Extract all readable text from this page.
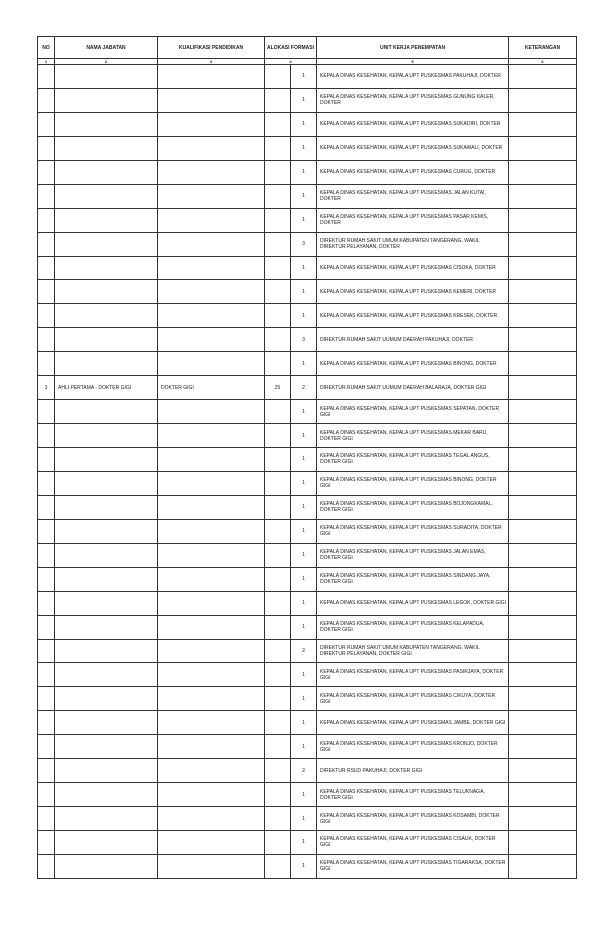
NO	NAMA JABATAN	KUALIFIKASI PENDIDIKAN	ALOKASI FORMASI		UNIT KERJA PENEMPATAN	KETERANGAN
1	2	3	4		5	6
				1	KEPALA DINAS KESEHATAN, KEPALA UPT PUSKESMAS PAKUHAJI, DOKTER	
				1	KEPALA DINAS KESEHATAN, KEPALA UPT PUSKESMAS GUNUNG KALER, DOKTER	
				1	KEPALA DINAS KESEHATAN, KEPALA UPT PUSKESMAS SUKADIRI, DOKTER	
				1	KEPALA DINAS KESEHATAN, KEPALA UPT PUSKESMAS SUKAWALI, DOKTER	
				1	KEPALA DINAS KESEHATAN, KEPALA UPT PUSKESMAS CURUG, DOKTER	
				1	KEPALA DINAS KESEHATAN, KEPALA UPT PUSKESMAS JALAN KUTAI, DOKTER	
				1	KEPALA DINAS KESEHATAN, KEPALA UPT PUSKESMAS PASAR KEMIS, DOKTER	
				3	DIREKTUR RUMAH SAKIT UMUM KABUPATEN TANGERANG, WAKIL DIREKTUR PELAYANAN, DOKTER	
				1	KEPALA DINAS KESEHATAN, KEPALA UPT PUSKESMAS CISOKA, DOKTER	
				1	KEPALA DINAS KESEHATAN, KEPALA UPT PUSKESMAS KEMERI, DOKTER	
				1	KEPALA DINAS KESEHATAN, KEPALA UPT PUSKESMAS KRESEK, DOKTER	
				3	DIREKTUR RUMAH SAKIT UUMUM DAERAH PAKUHAJI, DOKTER	
				1	KEPALA DINAS KESEHATAN, KEPALA UPT PUSKESMAS BINONG, DOKTER	
3	AHLI PERTAMA - DOKTER GIGI	DOKTER GIGI	25	2	DIREKTUR RUMAH SAKIT UUMUM DAERAH BALARAJA, DOKTER GIGI	
				1	KEPALA DINAS KESEHATAN, KEPALA UPT PUSKESMAS SEPATAN, DOKTER GIGI	
				1	KEPALA DINAS KESEHATAN, KEPALA UPT PUSKESMAS MEKAR BARU, DOKTER GIGI	
				1	KEPALA DINAS KESEHATAN, KEPALA UPT PUSKESMAS TEGAL ANGUS, DOKTER GIGI	
				1	KEPALA DINAS KESEHATAN, KEPALA UPT PUSKESMAS BINONG, DOKTER GIGI	
				1	KEPALA DINAS KESEHATAN, KEPALA UPT PUSKESMAS BOJONGKAMAL, DOKTER GIGI	
				1	KEPALA DINAS KESEHATAN, KEPALA UPT PUSKESMAS SURADITA, DOKTER GIGI	
				1	KEPALA DINAS KESEHATAN, KEPALA UPT PUSKESMAS JALAN EMAS, DOKTER GIGI	
				1	KEPALA DINAS KESEHATAN, KEPALA UPT PUSKESMAS SINDANG JAYA, DOKTER GIGI	
				1	KEPALA DINAS KESEHATAN, KEPALA UPT PUSKESMAS LEGOK, DOKTER GIGI	
				1	KEPALA DINAS KESEHATAN, KEPALA UPT PUSKESMAS KELAPADUA, DOKTER GIGI	
				2	DIREKTUR RUMAH SAKIT UMUM KABUPATEN TANGERANG, WAKIL DIREKTUR PELAYANAN, DOKTER GIGI	
				1	KEPALA DINAS KESEHATAN, KEPALA UPT PUSKESMAS PASIRJAYA, DOKTER GIGI	
				1	KEPALA DINAS KESEHATAN, KEPALA UPT PUSKESMAS CIKUYA, DOKTER GIGI	
				1	KEPALA DINAS KESEHATAN, KEPALA UPT PUSKESMAS JAMBE, DOKTER GIGI	
				1	KEPALA DINAS KESEHATAN, KEPALA UPT PUSKESMAS KRONJO, DOKTER GIGI	
				2	DIREKTUR RSUD PAKUHAJI, DOKTER GIGI	
				1	KEPALA DINAS KESEHATAN, KEPALA UPT PUSKESMAS TELUKNAGA, DOKTER GIGI	
				1	KEPALA DINAS KESEHATAN, KEPALA UPT PUSKESMAS KOSAMBI, DOKTER GIGI	
				1	KEPALA DINAS KESEHATAN, KEPALA UPT PUSKESMAS CISAUK, DOKTER GIGI	
				1	KEPALA DINAS KESEHATAN, KEPALA UPT PUSKESMAS TIGARAKSA, DOKTER GIGI	
